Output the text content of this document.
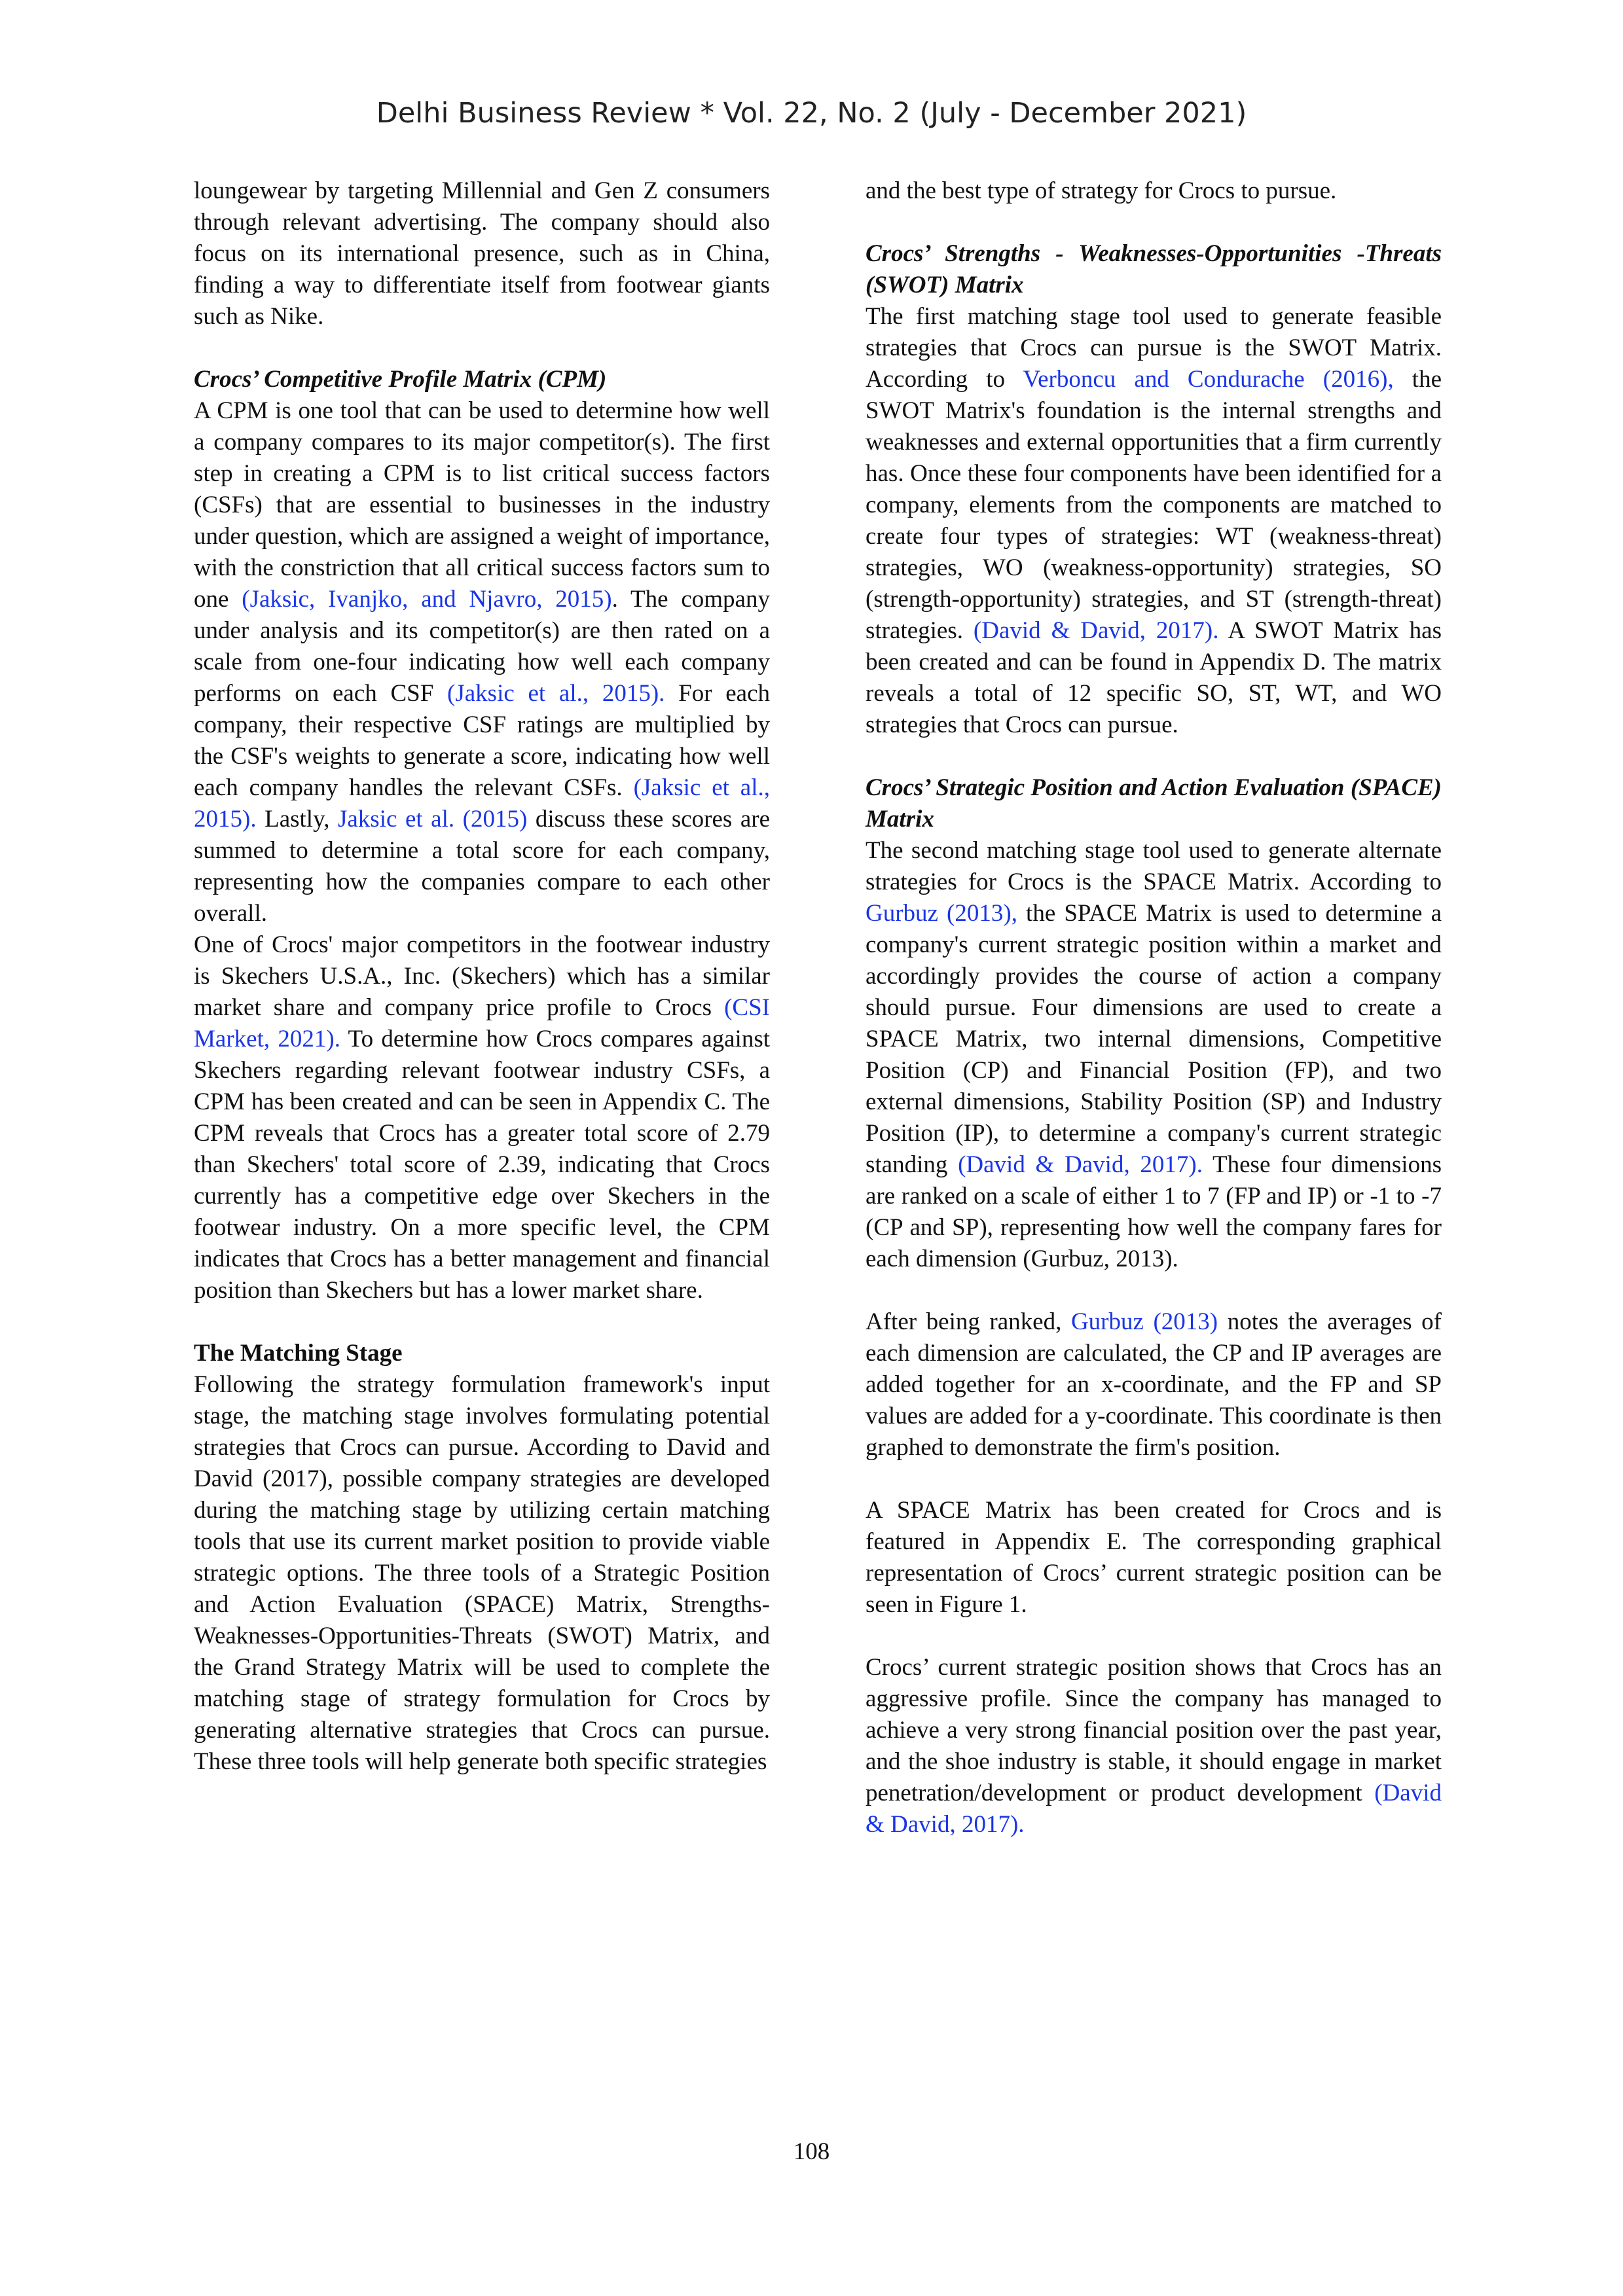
Delhi Business Review * Vol. 22, No. 2 (July - December 2021)

loungewear by targeting Millennial and Gen Z consumers through relevant advertising. The company should also focus on its international presence, such as in China, finding a way to differentiate itself from footwear giants such as Nike.

Crocs’ Competitive Profile Matrix (CPM)

A CPM is one tool that can be used to determine how well a company compares to its major competitor(s). The first step in creating a CPM is to list critical success factors (CSFs) that are essential to businesses in the industry under question, which are assigned a weight of importance, with the constriction that all critical success factors sum to one (Jaksic, Ivanjko, and Njavro, 2015). The company under analysis and its competitor(s) are then rated on a scale from one-four indicating how well each company performs on each CSF (Jaksic et al., 2015). For each company, their respective CSF ratings are multiplied by the CSF's weights to generate a score, indicating how well each company handles the relevant CSFs. (Jaksic et al., 2015). Lastly, Jaksic et al. (2015) discuss these scores are summed to determine a total score for each company, representing how the companies compare to each other overall.

One of Crocs' major competitors in the footwear industry is Skechers U.S.A., Inc. (Skechers) which has a similar market share and company price profile to Crocs (CSI Market, 2021). To determine how Crocs compares against Skechers regarding relevant footwear industry CSFs, a CPM has been created and can be seen in Appendix C. The CPM reveals that Crocs has a greater total score of 2.79 than Skechers' total score of 2.39, indicating that Crocs currently has a competitive edge over Skechers in the footwear industry. On a more specific level, the CPM indicates that Crocs has a better management and financial position than Skechers but has a lower market share.

The Matching Stage

Following the strategy formulation framework's input stage, the matching stage involves formulating potential strategies that Crocs can pursue. According to David and David (2017), possible company strategies are developed during the matching stage by utilizing certain matching tools that use its current market position to provide viable strategic options. The three tools of a Strategic Position and Action Evaluation (SPACE) Matrix, Strengths-Weaknesses-Opportunities-Threats (SWOT) Matrix, and the Grand Strategy Matrix will be used to complete the matching stage of strategy formulation for Crocs by generating alternative strategies that Crocs can pursue. These three tools will help generate both specific strategies

and the best type of strategy for Crocs to pursue.

Crocs’ Strengths - Weaknesses-Opportunities -Threats (SWOT) Matrix

The first matching stage tool used to generate feasible strategies that Crocs can pursue is the SWOT Matrix. According to Verboncu and Condurache (2016), the SWOT Matrix's foundation is the internal strengths and weaknesses and external opportunities that a firm currently has. Once these four components have been identified for a company, elements from the components are matched to create four types of strategies: WT (weakness-threat) strategies, WO (weakness-opportunity) strategies, SO (strength-opportunity) strategies, and ST (strength-threat) strategies. (David & David, 2017). A SWOT Matrix has been created and can be found in Appendix D. The matrix reveals a total of 12 specific SO, ST, WT, and WO strategies that Crocs can pursue.

Crocs’ Strategic Position and Action Evaluation (SPACE) Matrix

The second matching stage tool used to generate alternate strategies for Crocs is the SPACE Matrix. According to Gurbuz (2013), the SPACE Matrix is used to determine a company's current strategic position within a market and accordingly provides the course of action a company should pursue. Four dimensions are used to create a SPACE Matrix, two internal dimensions, Competitive Position (CP) and Financial Position (FP), and two external dimensions, Stability Position (SP) and Industry Position (IP), to determine a company's current strategic standing (David & David, 2017). These four dimensions are ranked on a scale of either 1 to 7 (FP and IP) or -1 to -7 (CP and SP), representing how well the company fares for each dimension (Gurbuz, 2013).

After being ranked, Gurbuz (2013) notes the averages of each dimension are calculated, the CP and IP averages are added together for an x-coordinate, and the FP and SP values are added for a y-coordinate. This coordinate is then graphed to demonstrate the firm's position.

A SPACE Matrix has been created for Crocs and is featured in Appendix E. The corresponding graphical representation of Crocs’ current strategic position can be seen in Figure 1.

Crocs’ current strategic position shows that Crocs has an aggressive profile. Since the company has managed to achieve a very strong financial position over the past year, and the shoe industry is stable, it should engage in market penetration/development or product development (David & David, 2017).

108
